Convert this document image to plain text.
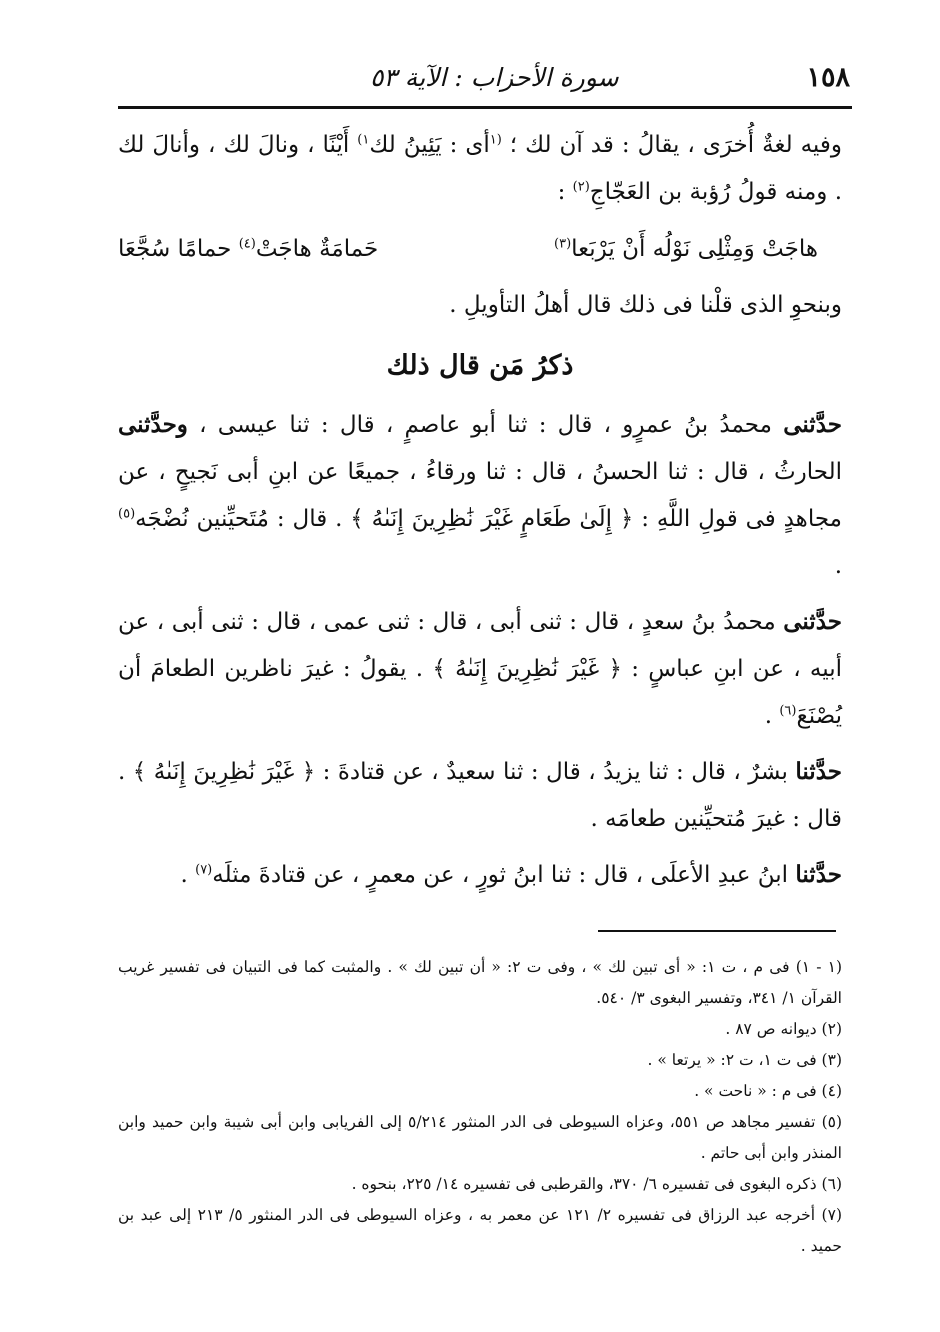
١٥٨
سورة الأحزاب : الآية ٥٣

وفيه لغةٌ أُخرَى ، يقالُ : قد آن لك ؛ $^{(١}$أى : يَئِينُ لك$^{١)}$ أَيْنًا ، ونالَ لك ، وأنالَ لك . ومنه قولُ رُؤبة بن العَجّاجِ$^{(٢)}$ :

هاجَتْ وَمِثْلِى نَوْلُه أَنْ يَرْبَعا$^{(٣)}$
حَمامَةٌ هاجَتْ$^{(٤)}$ حمامًا سُجَّعَا

وبنحوِ الذى قلْنا فى ذلك قال أهلُ التأويلِ .

ذكرُ مَن قال ذلك

حدَّثنى محمدُ بنُ عمرٍو ، قال : ثنا أبو عاصمٍ ، قال : ثنا عيسى ، وحدَّثنى الحارثُ ، قال : ثنا الحسنُ ، قال : ثنا ورقاءُ ، جميعًا عن ابنِ أبى نَجيحٍ ، عن مجاهدٍ فى قولِ اللَّهِ : ﴿ إِلَىٰ طَعَامٍ غَيْرَ نَٰظِرِينَ إِنَىٰهُ ﴾ . قال : مُتَحيِّنين نُضْجَه$^{(٥)}$ .

حدَّثنى محمدُ بنُ سعدٍ ، قال : ثنى أبى ، قال : ثنى عمى ، قال : ثنى أبى ، عن أبيه ، عن ابنِ عباسٍ : ﴿ غَيْرَ نَٰظِرِينَ إِنَىٰهُ ﴾ . يقولُ : غيرَ ناظرين الطعامَ أن يُصْنَعَ$^{(٦)}$ .

حدَّثنا بشرٌ ، قال : ثنا يزيدُ ، قال : ثنا سعيدٌ ، عن قتادةَ : ﴿ غَيْرَ نَٰظِرِينَ إِنَىٰهُ ﴾ . قال : غيرَ مُتحيِّنين طعامَه .

حدَّثنا ابنُ عبدِ الأعلَى ، قال : ثنا ابنُ ثورٍ ، عن معمرٍ ، عن قتادةَ مثلَه$^{(٧)}$ .

(١ - ١) فى م ، ت ١: « أى تبين لك » ، وفى ت ٢: « أن تبين لك » . والمثبت كما فى التبيان فى تفسير غريب القرآن ١/ ٣٤١، وتفسير البغوى ٣/ ٥٤٠.

(٢) ديوانه ص ٨٧ .

(٣) فى ت ١، ت ٢: « يرتعا » .

(٤) فى م : « ناحت » .

(٥) تفسير مجاهد ص ٥٥١، وعزاه السيوطى فى الدر المنثور ٥/٢١٤ إلى الفريابى وابن أبى شيبة وابن حميد وابن المنذر وابن أبى حاتم .

(٦) ذكره البغوى فى تفسيره ٦/ ٣٧٠، والقرطبى فى تفسيره ١٤/ ٢٢٥، بنحوه .

(٧) أخرجه عبد الرزاق فى تفسيره ٢/ ١٢١ عن معمر به ، وعزاه السيوطى فى الدر المنثور ٥/ ٢١٣ إلى عبد بن حميد .
